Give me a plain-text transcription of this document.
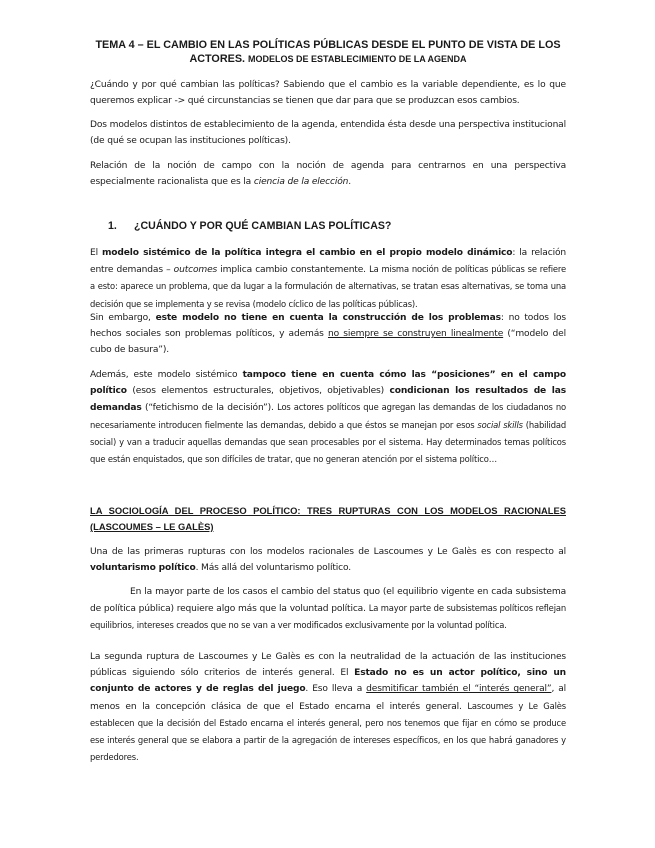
TEMA 4 – EL CAMBIO EN LAS POLÍTICAS PÚBLICAS DESDE EL PUNTO DE VISTA DE LOS ACTORES. MODELOS DE ESTABLECIMIENTO DE LA AGENDA

¿Cuándo y por qué cambian las políticas? Sabiendo que el cambio es la variable dependiente, es lo que queremos explicar -> qué circunstancias se tienen que dar para que se produzcan esos cambios.

Dos modelos distintos de establecimiento de la agenda, entendida ésta desde una perspectiva institucional (de qué se ocupan las instituciones políticas).

Relación de la noción de campo con la noción de agenda para centrarnos en una perspectiva especialmente racionalista que es la ciencia de la elección.

1. ¿CUÁNDO Y POR QUÉ CAMBIAN LAS POLÍTICAS?

El modelo sistémico de la política integra el cambio en el propio modelo dinámico: la relación entre demandas – outcomes implica cambio constantemente. La misma noción de políticas públicas se refiere a esto: aparece un problema, que da lugar a la formulación de alternativas, se tratan esas alternativas, se toma una decisión que se implementa y se revisa (modelo cíclico de las políticas públicas).

Sin embargo, este modelo no tiene en cuenta la construcción de los problemas: no todos los hechos sociales son problemas políticos, y además no siempre se construyen linealmente (“modelo del cubo de basura”).

Además, este modelo sistémico tampoco tiene en cuenta cómo las “posiciones” en el campo político (esos elementos estructurales, objetivos, objetivables) condicionan los resultados de las demandas (“fetichismo de la decisión”). Los actores políticos que agregan las demandas de los ciudadanos no necesariamente introducen fielmente las demandas, debido a que éstos se manejan por esos social skills (habilidad social) y van a traducir aquellas demandas que sean procesables por el sistema. Hay determinados temas políticos que están enquistados, que son difíciles de tratar, que no generan atención por el sistema político…

LA SOCIOLOGÍA DEL PROCESO POLÍTICO: TRES RUPTURAS CON LOS MODELOS RACIONALES (LASCOUMES – LE GALÈS)

Una de las primeras rupturas con los modelos racionales de Lascoumes y Le Galès es con respecto al voluntarismo político. Más allá del voluntarismo político.

En la mayor parte de los casos el cambio del status quo (el equilibrio vigente en cada subsistema de política pública) requiere algo más que la voluntad política. La mayor parte de subsistemas políticos reflejan equilibrios, intereses creados que no se van a ver modificados exclusivamente por la voluntad política.

La segunda ruptura de Lascoumes y Le Galès es con la neutralidad de la actuación de las instituciones públicas siguiendo sólo criterios de interés general. El Estado no es un actor político, sino un conjunto de actores y de reglas del juego. Eso lleva a desmitificar también el “interés general”, al menos en la concepción clásica de que el Estado encarna el interés general. Lascoumes y Le Galès establecen que la decisión del Estado encarna el interés general, pero nos tenemos que fijar en cómo se produce ese interés general que se elabora a partir de la agregación de intereses específicos, en los que habrá ganadores y perdedores.
